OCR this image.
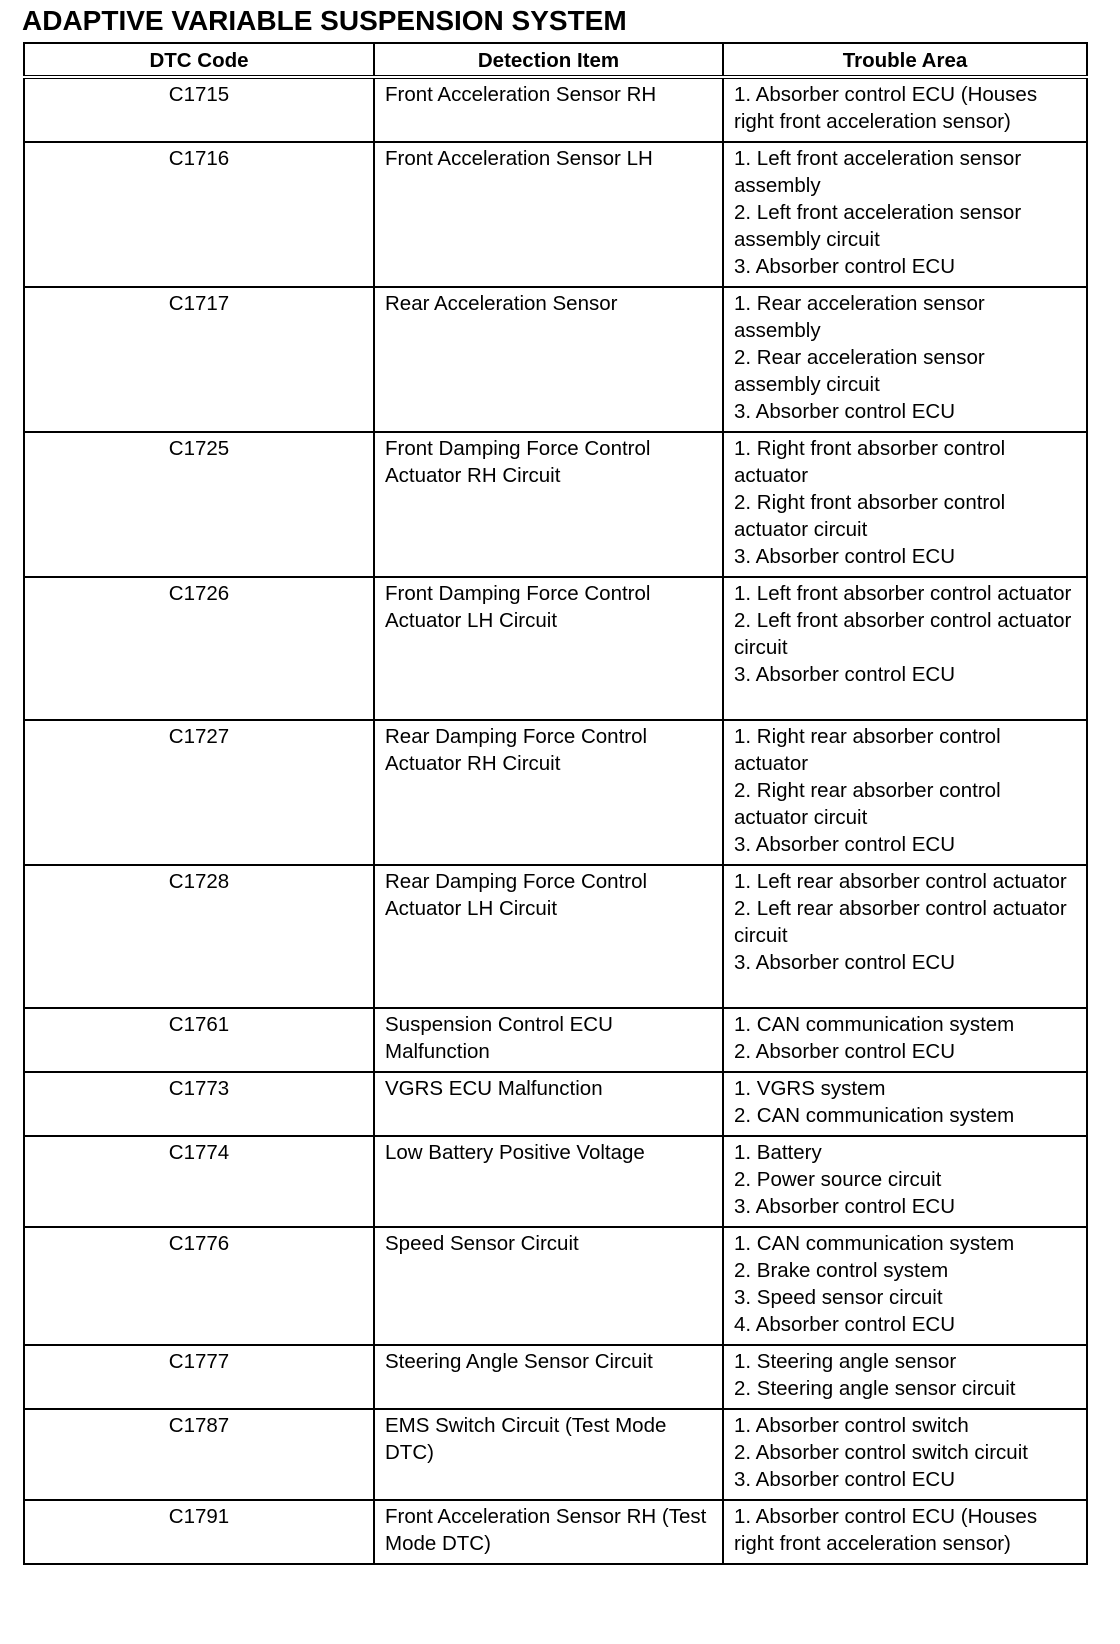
ADAPTIVE VARIABLE SUSPENSION SYSTEM
DTC Code	Detection Item	Trouble Area
C1715	Front Acceleration Sensor RH	1. Absorber control ECU (Houses right front acceleration sensor)

C1716	Front Acceleration Sensor LH	1. Left front acceleration sensor assembly
2. Left front acceleration sensor assembly circuit
3. Absorber control ECU

C1717	Rear Acceleration Sensor	1. Rear acceleration sensor assembly
2. Rear acceleration sensor assembly circuit
3. Absorber control ECU

C1725	Front Damping Force Control Actuator RH Circuit	1. Right front absorber control actuator
2. Right front absorber control actuator circuit
3. Absorber control ECU

C1726	Front Damping Force Control Actuator LH Circuit	1. Left front absorber control actuator
2. Left front absorber control actuator circuit
3. Absorber control ECU

C1727	Rear Damping Force Control Actuator RH Circuit	1. Right rear absorber control actuator
2. Right rear absorber control actuator circuit
3. Absorber control ECU

C1728	Rear Damping Force Control Actuator LH Circuit	1. Left rear absorber control actuator
2. Left rear absorber control actuator circuit
3. Absorber control ECU

C1761	Suspension Control ECU Malfunction	1. CAN communication system
2. Absorber control ECU

C1773	VGRS ECU Malfunction	1. VGRS system
2. CAN communication system

C1774	Low Battery Positive Voltage	1. Battery
2. Power source circuit
3. Absorber control ECU

C1776	Speed Sensor Circuit	1. CAN communication system
2. Brake control system
3. Speed sensor circuit
4. Absorber control ECU

C1777	Steering Angle Sensor Circuit	1. Steering angle sensor
2. Steering angle sensor circuit

C1787	EMS Switch Circuit (Test Mode DTC)	1. Absorber control switch
2. Absorber control switch circuit
3. Absorber control ECU

C1791	Front Acceleration Sensor RH (Test Mode DTC)	1. Absorber control ECU (Houses right front acceleration sensor)
